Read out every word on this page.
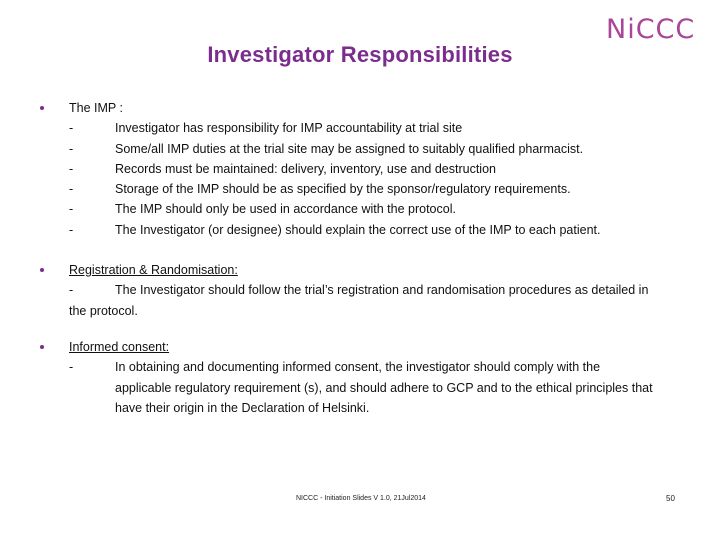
NiCCC
Investigator Responsibilities
The IMP :
-	Investigator has responsibility for IMP accountability at trial site
-	Some/all IMP duties at the trial site may be assigned to suitably qualified pharmacist.
-	Records must be maintained: delivery, inventory, use and destruction
-	Storage of the IMP should be as specified by the sponsor/regulatory requirements.
-	The IMP should only be used in accordance with the protocol.
-	The Investigator (or designee) should explain the correct use of the IMP to each patient.
Registration & Randomisation:
-	The Investigator should follow the trial’s registration and randomisation procedures as detailed in
the protocol.
Informed consent:
-	In obtaining and documenting informed consent, the investigator should comply with the
applicable regulatory requirement (s), and should adhere to GCP and to the ethical principles that
have their origin in the Declaration of Helsinki.
NICCC - Initiation Slides V 1.0, 21Jul2014	50
